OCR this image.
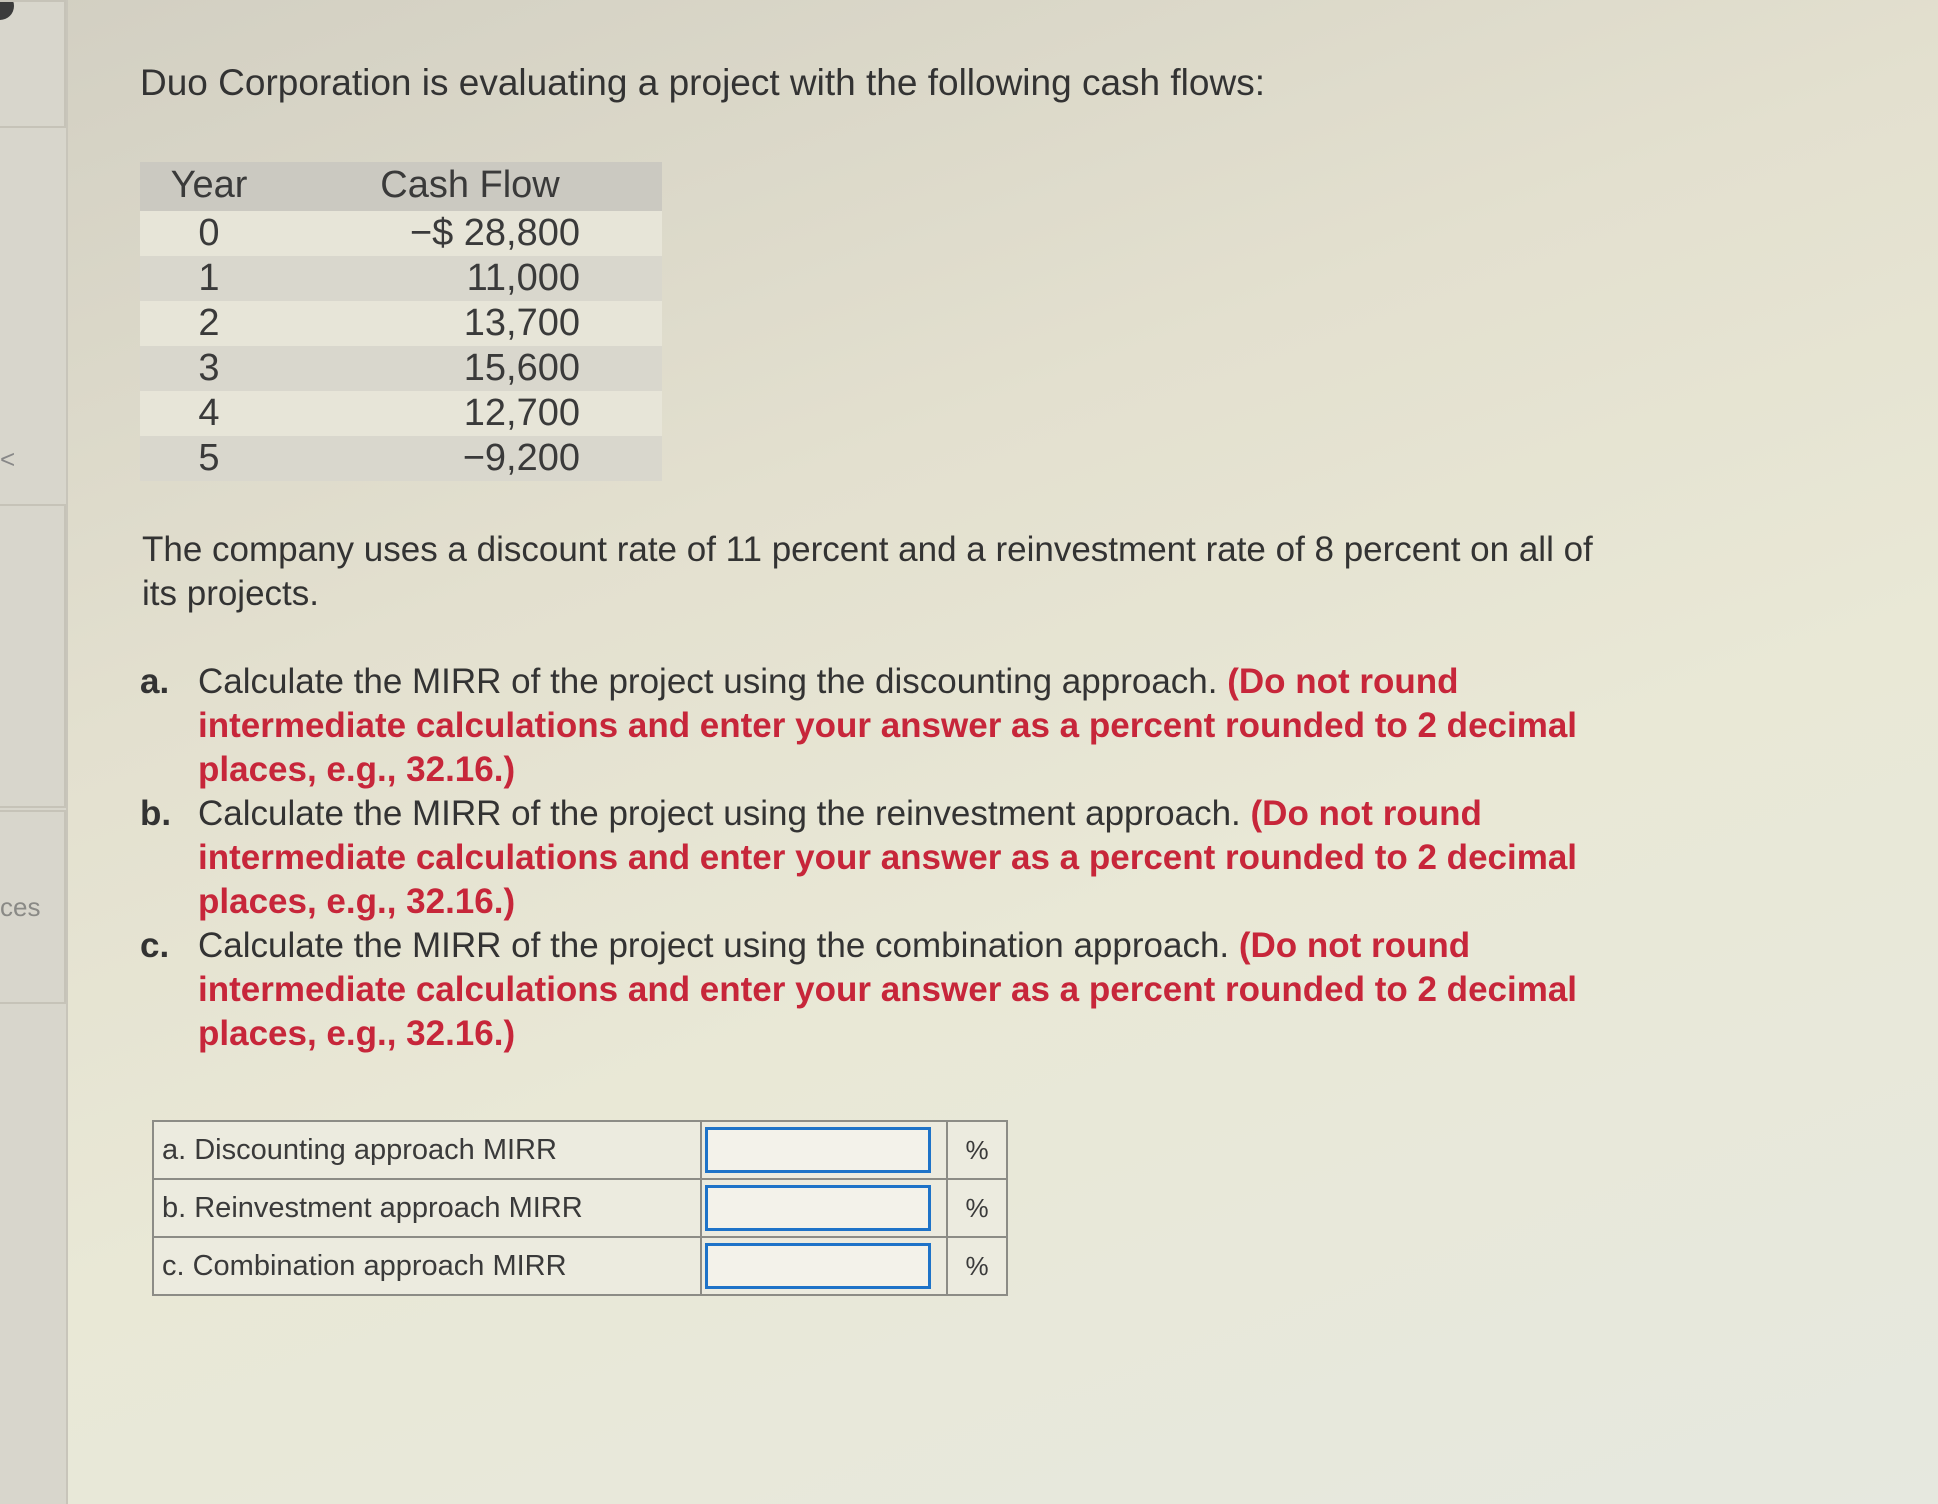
<
ces
Duo Corporation is evaluating a project with the following cash flows:
Year	Cash Flow
0	−$ 28,800
1	11,000
2	13,700
3	15,600
4	12,700
5	−9,200
The company uses a discount rate of 11 percent and a reinvestment rate of 8 percent on all of its projects.
a. Calculate the MIRR of the project using the discounting approach. (Do not round intermediate calculations and enter your answer as a percent rounded to 2 decimal places, e.g., 32.16.)
b. Calculate the MIRR of the project using the reinvestment approach. (Do not round intermediate calculations and enter your answer as a percent rounded to 2 decimal places, e.g., 32.16.)
c. Calculate the MIRR of the project using the combination approach. (Do not round intermediate calculations and enter your answer as a percent rounded to 2 decimal places, e.g., 32.16.)
a. Discounting approach MIRR		%
b. Reinvestment approach MIRR		%
c. Combination approach MIRR		%
